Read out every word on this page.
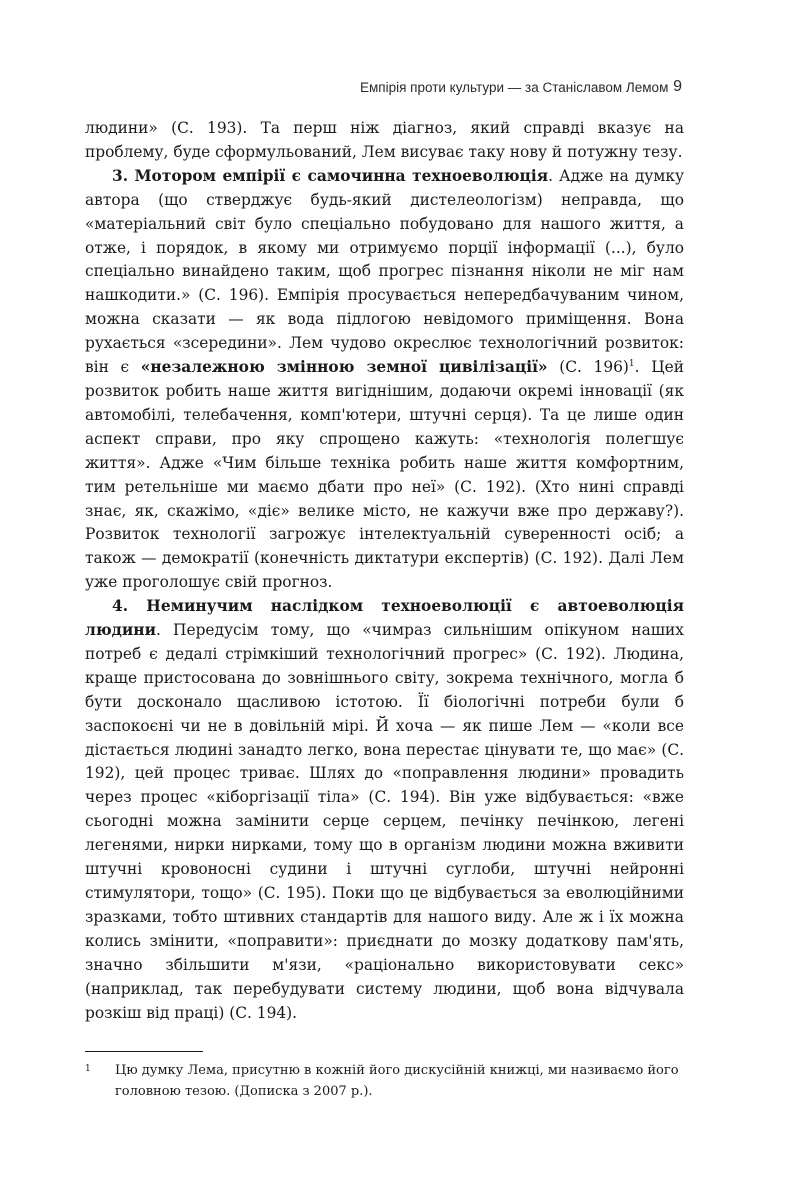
Емпірія проти культури — за Станіславом Лемом 9

людини» (С. 193). Та перш ніж діагноз, який справді вказує на проблему, буде сформульований, Лем висуває таку нову й потужну тезу.

3. Мотором емпірії є самочинна техноеволюція. Адже на думку автора (що стверджує будь-який дистелеологізм) неправда, що «матеріальний світ було спеціально побудовано для нашого життя, а отже, і порядок, в якому ми отримуємо порції інформації (...), було спеціально винайдено таким, щоб прогрес пізнання ніколи не міг нам нашкодити.» (С. 196). Емпірія просувається непередбачуваним чином, можна сказати — як вода підлогою невідомого приміщення. Вона рухається «зсередини». Лем чудово окреслює технологічний розвиток: він є «незалежною змінною земної цивілізації» (С. 196)$^1$. Цей розвиток робить наше життя вигіднішим, додаючи окремі інновації (як автомобілі, телебачення, комп'ютери, штучні серця). Та це лише один аспект справи, про яку спрощено кажуть: «технологія полегшує життя». Адже «Чим більше техніка робить наше життя комфортним, тим ретельніше ми маємо дбати про неї» (С. 192). (Хто нині справді знає, як, скажімо, «діє» велике місто, не кажучи вже про державу?). Розвиток технології загрожує інтелектуальній суверенності осіб; а також — демократії (конечність диктатури експертів) (С. 192). Далі Лем уже проголошує свій прогноз.

4. Неминучим наслідком техноеволюції є автоеволюція людини. Передусім тому, що «чимраз сильнішим опікуном наших потреб є дедалі стрімкіший технологічний прогрес» (С. 192). Людина, краще пристосована до зовнішнього світу, зокрема технічного, могла б бути досконало щасливою істотою. Її біологічні потреби були б заспокоєні чи не в довільній мірі. Й хоча — як пише Лем — «коли все дістається людині занадто легко, вона перестає цінувати те, що має» (С. 192), цей процес триває. Шлях до «поправлення людини» провадить через процес «кіборгізації тіла» (С. 194). Він уже відбувається: «вже сьогодні можна замінити серце серцем, печінку печінкою, легені легенями, нирки нирками, тому що в організм людини можна вживити штучні кровоносні судини і штучні суглоби, штучні нейронні стимулятори, тощо» (С. 195). Поки що це відбувається за еволюційними зразками, тобто штивних стандартів для нашого виду. Але ж і їх можна колись змінити, «поправити»: приєднати до мозку додаткову пам'ять, значно збільшити м'язи, «раціонально використовувати секс» (наприклад, так перебудувати систему людини, щоб вона відчувала розкіш від праці) (С. 194).

1 Цю думку Лема, присутню в кожній його дискусійній книжці, ми називаємо його головною тезою. (Дописка з 2007 р.).
